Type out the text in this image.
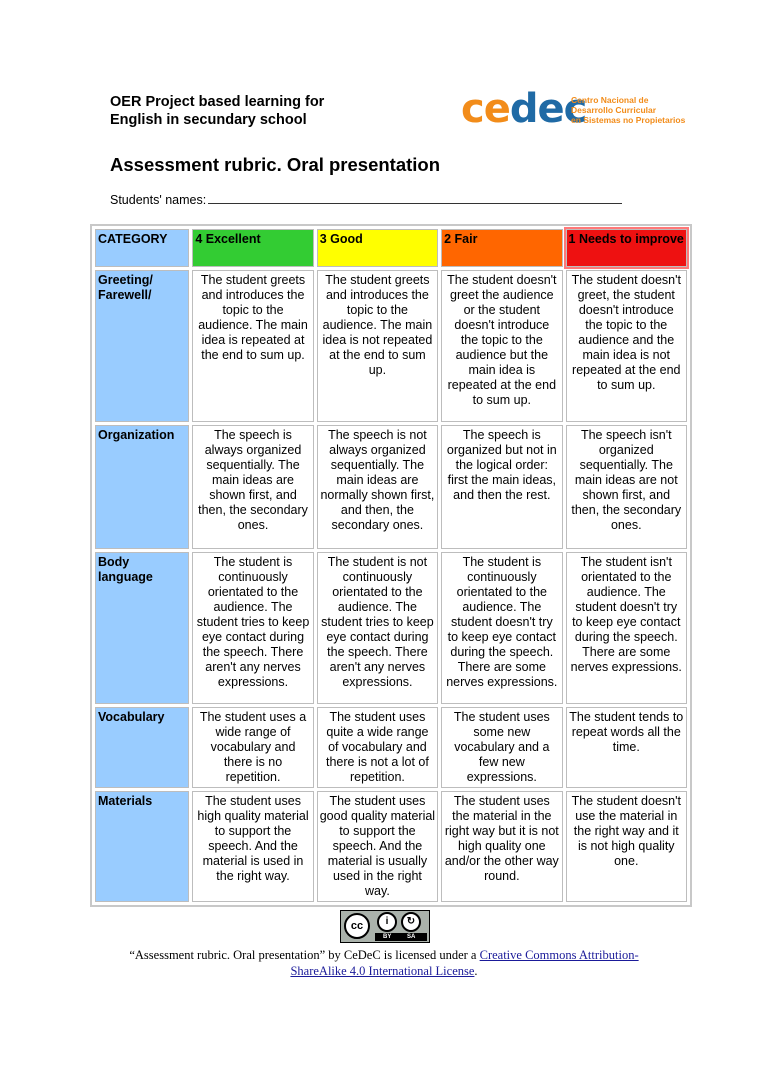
OER Project based learning for
English in secundary school	cedec
Centro Nacional de
Desarrollo Curricular
en Sistemas no Propietarios
Assessment rubric. Oral presentation
Students' names:
CATEGORY	4 Excellent	3 Good	2 Fair	1 Needs to improve
Greeting/ Farewell/	The student greets and introduces the topic to the audience. The main idea is repeated at the end to sum up.	The student greets and introduces the topic to the audience. The main idea is not repeated at the end to sum up.	The student doesn't greet the audience or the student doesn't introduce the topic to the audience but the main idea is repeated at the end to sum up.	The student doesn't greet, the student doesn't introduce the topic to the audience and the main idea is not repeated at the end to sum up.
Organization	The speech is always organized sequentially. The main ideas are shown first, and then, the secondary ones.	The speech is not always organized sequentially. The main ideas are normally shown first, and then, the secondary ones.	The speech is organized but not in the logical order: first the main ideas, and then the rest.	The speech isn't organized sequentially. The main ideas are not shown first, and then, the secondary ones.
Body language	The student is continuously orientated to the audience. The student tries to keep eye contact during the speech. There aren't any nerves expressions.	The student is not continuously orientated to the audience. The student tries to keep eye contact during the speech. There aren't any nerves expressions.	The student is continuously orientated to the audience. The student doesn't try to keep eye contact during the speech. There are some nerves expressions.	The student isn't orientated to the audience. The student doesn't try to keep eye contact during the speech. There are some nerves expressions.
Vocabulary	The student uses a wide range of vocabulary and there is no repetition.	The student uses quite a wide range of vocabulary and there is not a lot of repetition.	The student uses some new vocabulary and a few new expressions.	The student tends to repeat words all the time.
Materials	The student uses high quality material to support the speech. And the material is used in the right way.	The student uses good quality material to support the speech. And the material is usually used in the right way.	The student uses the material in the right way but it is not high quality one and/or the other way round.	The student doesn't use the material in the right way and it is not high quality one.
cc	i	↻
BY	SA
“Assessment rubric. Oral presentation” by CeDeC is licensed under a Creative Commons Attribution-ShareAlike 4.0 International License.
